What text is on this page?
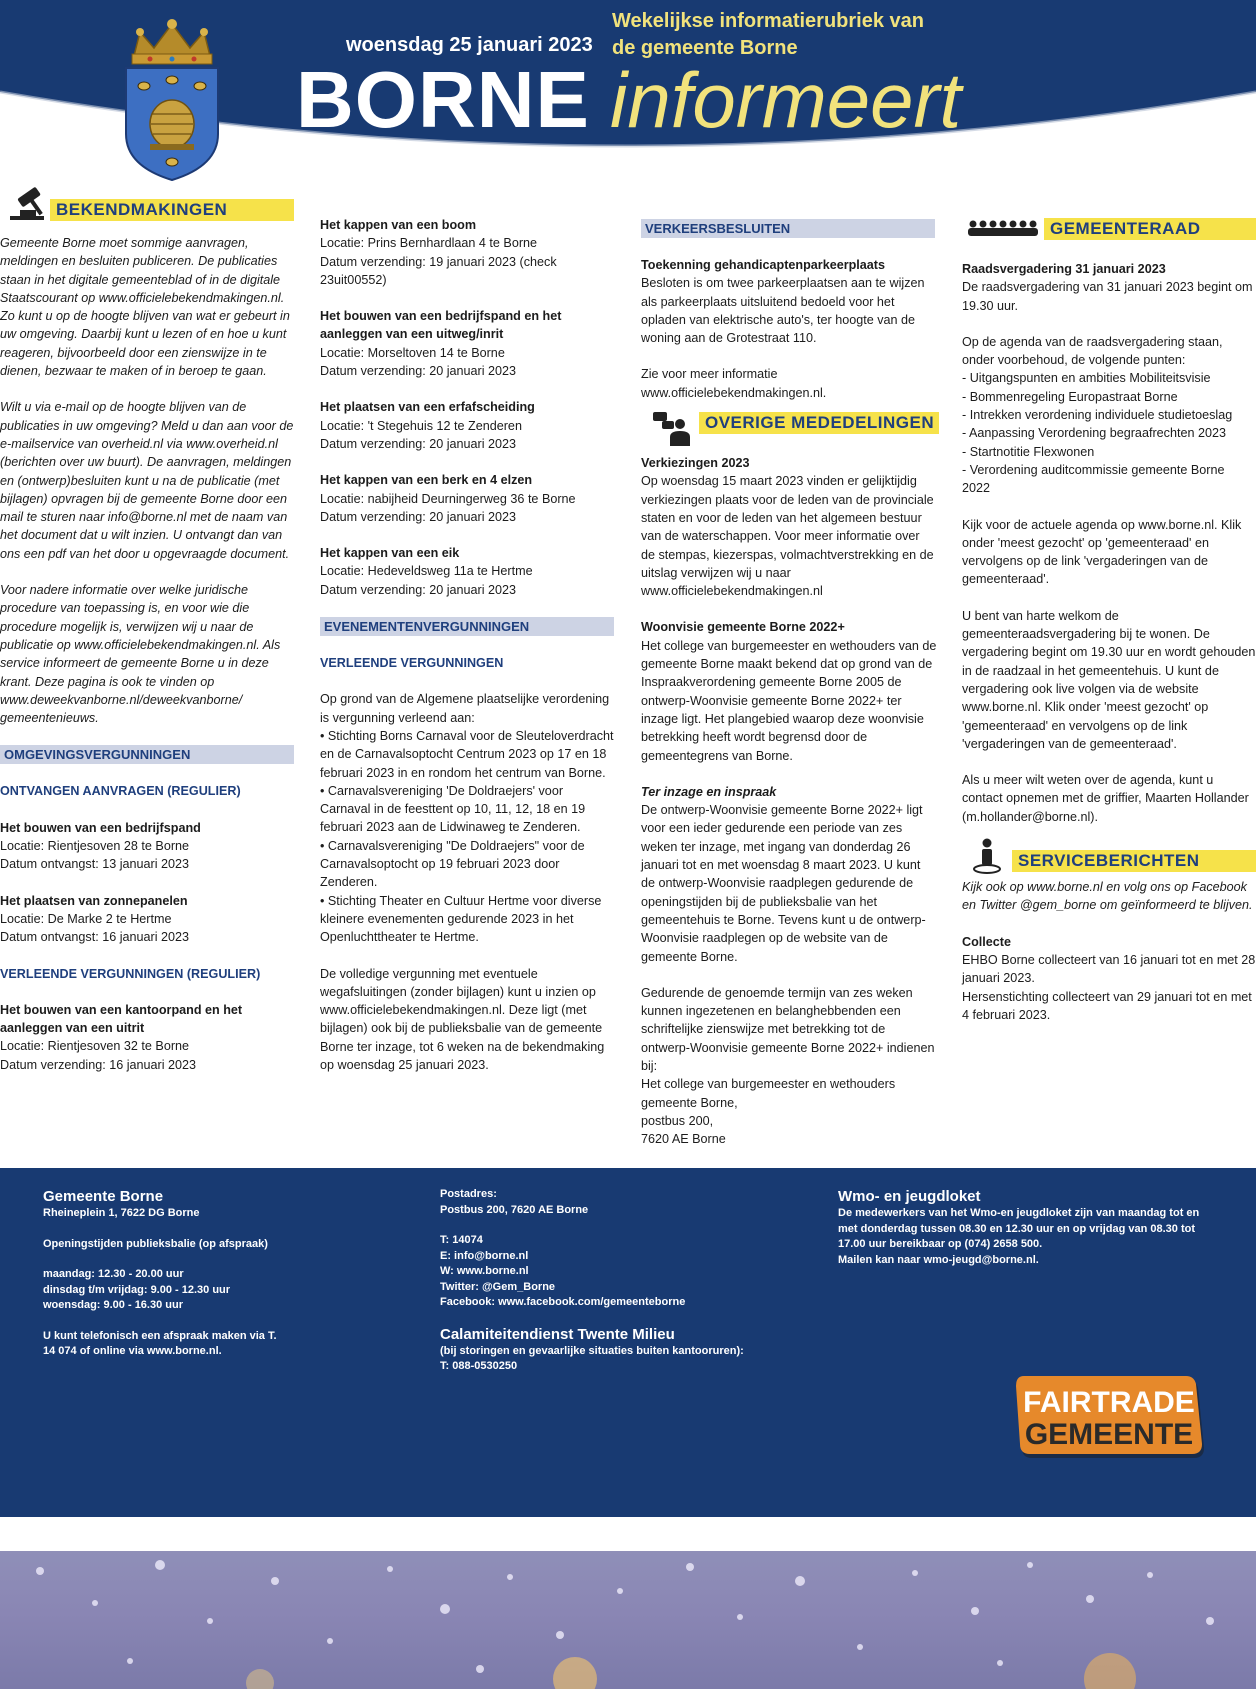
woensdag 25 januari 2023
Wekelijkse informatierubriek van
de gemeente Borne
BORNE informeert
BEKENDMAKINGEN

Gemeente Borne moet sommige aanvragen, meldingen en besluiten publiceren. De publicaties staan in het digitale gemeenteblad of in de digitale Staatscourant op www.officielebekendmakingen.nl. Zo kunt u op de hoogte blijven van wat er gebeurt in uw omgeving. Daarbij kunt u lezen of en hoe u kunt reageren, bijvoorbeeld door een zienswijze in te dienen, bezwaar te maken of in beroep te gaan.

Wilt u via e-mail op de hoogte blijven van de publicaties in uw omgeving? Meld u dan aan voor de e-mailservice van overheid.nl via www.overheid.nl (berichten over uw buurt). De aanvragen, meldingen en (ontwerp)besluiten kunt u na de publicatie (met bijlagen) opvragen bij de gemeente Borne door een mail te sturen naar info@borne.nl met de naam van het document dat u wilt inzien. U ontvangt dan van ons een pdf van het door u opgevraagde document.

Voor nadere informatie over welke juridische procedure van toepassing is, en voor wie die procedure mogelijk is, verwijzen wij u naar de publicatie op www.officielebekendmakingen.nl. Als service informeert de gemeente Borne u in deze krant. Deze pagina is ook te vinden op www.deweekvanborne.nl/deweekvanborne/ gemeentenieuws.

OMGEVINGSVERGUNNINGEN
ONTVANGEN AANVRAGEN (REGULIER)
Het bouwen van een bedrijfspand
Locatie: Rientjesoven 28 te Borne

Datum ontvangst: 13 januari 2023

Het plaatsen van zonnepanelen
Locatie: De Marke 2 te Hertme

Datum ontvangst: 16 januari 2023

VERLEENDE VERGUNNINGEN (REGULIER)
Het bouwen van een kantoorpand en het aanleggen van een uitrit
Locatie: Rientjesoven 32 te Borne
Datum verzending: 16 januari 2023
Het kappen van een boom
Locatie: Prins Bernhardlaan 4 te Borne

Datum verzending: 19 januari 2023 (check 23uit00552)

Het bouwen van een bedrijfspand en het aanleggen van een uitweg/inrit
Locatie: Morseltoven 14 te Borne

Datum verzending: 20 januari 2023

Het plaatsen van een erfafscheiding
Locatie: 't Stegehuis 12 te Zenderen

Datum verzending: 20 januari 2023

Het kappen van een berk en 4 elzen
Locatie: nabijheid Deurningerweg 36 te Borne

Datum verzending: 20 januari 2023

Het kappen van een eik
Locatie: Hedeveldsweg 11a te Hertme

Datum verzending: 20 januari 2023

EVENEMENTENVERGUNNINGEN
VERLEENDE VERGUNNINGEN
Op grond van de Algemene plaatselijke verordening is vergunning verleend aan:
• Stichting Borns Carnaval voor de Sleuteloverdracht en de Carnavalsoptocht Centrum 2023 op 17 en 18 februari 2023 in en rondom het centrum van Borne.
• Carnavalsvereniging 'De Doldraejers' voor Carnaval in de feesttent op 10, 11, 12, 18 en 19 februari 2023 aan de Lidwinaweg te Zenderen.
• Carnavalsvereniging "De Doldraejers" voor de Carnavalsoptocht op 19 februari 2023 door Zenderen.

• Stichting Theater en Cultuur Hertme voor diverse kleinere evenementen gedurende 2023 in het Openluchttheater te Hertme.

De volledige vergunning met eventuele wegafsluitingen (zonder bijlagen) kunt u inzien op www.officielebekendmakingen.nl. Deze ligt (met bijlagen) ook bij de publieksbalie van de gemeente Borne ter inzage, tot 6 weken na de bekendmaking op woensdag 25 januari 2023.
VERKEERSBESLUITEN
Toekenning gehandicaptenparkeerplaats

Besloten is om twee parkeerplaatsen aan te wijzen als parkeerplaats uitsluitend bedoeld voor het opladen van elektrische auto's, ter hoogte van de woning aan de Grotestraat 110.

Zie voor meer informatie www.officielebekendmakingen.nl.
OVERIGE MEDEDELINGEN
Verkiezingen 2023

Op woensdag 15 maart 2023 vinden er gelijktijdig verkiezingen plaats voor de leden van de provinciale staten en voor de leden van het algemeen bestuur van de waterschappen. Voor meer informatie over de stempas, kiezerspas, volmachtverstrekking en de uitslag verwijzen wij u naar www.officielebekendmakingen.nl

Woonvisie gemeente Borne 2022+

Het college van burgemeester en wethouders van de gemeente Borne maakt bekend dat op grond van de Inspraakverordening gemeente Borne 2005 de ontwerp-Woonvisie gemeente Borne 2022+ ter inzage ligt. Het plangebied waarop deze woonvisie betrekking heeft wordt begrensd door de gemeentegrens van Borne.

Ter inzage en inspraak

De ontwerp-Woonvisie gemeente Borne 2022+ ligt voor een ieder gedurende een periode van zes weken ter inzage, met ingang van donderdag 26 januari tot en met woensdag 8 maart 2023. U kunt de ontwerp-Woonvisie raadplegen gedurende de openingstijden bij de publieksbalie van het gemeentehuis te Borne. Tevens kunt u de ontwerp-Woonvisie raadplegen op de website van de gemeente Borne.

Gedurende de genoemde termijn van zes weken kunnen ingezetenen en belanghebbenden een schriftelijke zienswijze met betrekking tot de ontwerp-Woonvisie gemeente Borne 2022+ indienen bij:
Het college van burgemeester en wethouders
gemeente Borne,
postbus 200,
7620 AE Borne
GEMEENTERAAD
Raadsvergadering 31 januari 2023

De raadsvergadering van 31 januari 2023 begint om 19.30 uur.

Op de agenda van de raadsvergadering staan, onder voorbehoud, de volgende punten:
- Uitgangspunten en ambities Mobiliteitsvisie
- Bommenregeling Europastraat Borne
- Intrekken verordening individuele studietoeslag
- Aanpassing Verordening begraafrechten 2023
- Startnotitie Flexwonen

- Verordening auditcommissie gemeente Borne 2022

Kijk voor de actuele agenda op www.borne.nl. Klik onder 'meest gezocht' op 'gemeenteraad' en vervolgens op de link 'vergaderingen van de gemeenteraad'.

U bent van harte welkom de gemeenteraadsvergadering bij te wonen. De vergadering begint om 19.30 uur en wordt gehouden in de raadzaal in het gemeentehuis. U kunt de vergadering ook live volgen via de website www.borne.nl. Klik onder 'meest gezocht' op 'gemeenteraad' en vervolgens op de link 'vergaderingen van de gemeenteraad'.

Als u meer wilt weten over de agenda, kunt u contact opnemen met de griffier, Maarten Hollander (m.hollander@borne.nl).
SERVICEBERICHTEN

Kijk ook op www.borne.nl en volg ons op Facebook en Twitter @gem_borne om geïnformeerd te blijven.

Collecte
EHBO Borne collecteert van 16 januari tot en met 28 januari 2023.
Hersenstichting collecteert van 29 januari tot en met 4 februari 2023.
Gemeente Borne

Rheineplein 1, 7622 DG Borne

Openingstijden publieksbalie (op afspraak)

maandag: 12.30 - 20.00 uur
dinsdag t/m vrijdag: 9.00 - 12.30 uur

woensdag: 9.00 - 16.30 uur

U kunt telefonisch een afspraak maken via T. 14 074 of online via www.borne.nl.
Postadres:

Postbus 200, 7620 AE Borne

T: 14074
E: info@borne.nl
W: www.borne.nl
Twitter: @Gem_Borne

Facebook: www.facebook.com/gemeenteborne

Calamiteitendienst Twente Milieu
(bij storingen en gevaarlijke situaties buiten kantooruren):
T: 088-0530250
Wmo- en jeugdloket
De medewerkers van het Wmo-en jeugdloket zijn van maandag tot en met donderdag tussen 08.30 en 12.30 uur en op vrijdag van 08.30 tot 17.00 uur bereikbaar op (074) 2658 500.
Mailen kan naar wmo-jeugd@borne.nl.
FAIRTRADE
GEMEENTE
